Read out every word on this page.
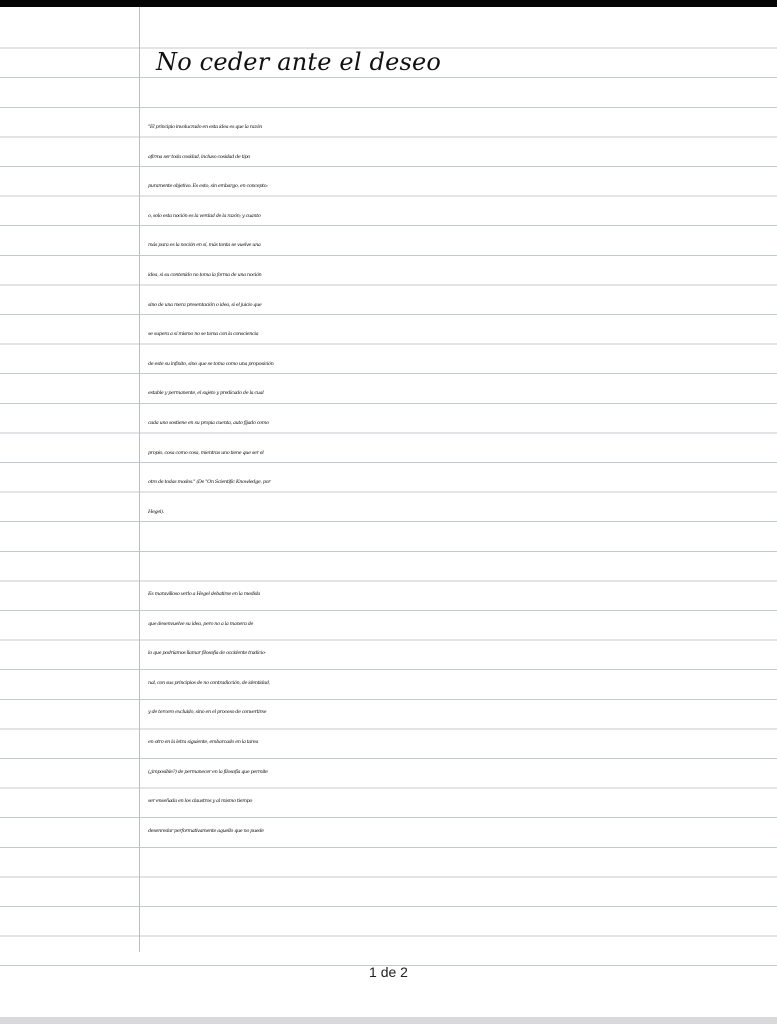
No ceder ante el deseo
"El principio involucrado en esta idea es que la razón
afirma ser toda cosidad, incluso cosidad de tipo
puramente objetivo. Es esto, sin embargo, en concepto:
o, solo esta noción es la verdad de la razón; y cuanto
más pura es la noción en sí, más tonta se vuelve una
idea, si su contenido no toma la forma de una noción
sino de una mera presentación o idea, si el juicio que
se supera a sí mismo no se toma con la consciencia
de este su infinito, sino que se toma como una proposición
estable y permanente, el sujeto y predicado de la cual
cada uno sostiene en su propia cuenta, auto fijado como
propio, cosa como cosa, mientras uno tiene que ser el
otro de todas modos." (De "On Scientific Knowledge, por
Hegel).
Es maravilloso verlo a Hegel debatirse en la medida
que desenvuelve su idea, pero no a la manera de
lo que podríamos llamar filosofía de occidente tradicio-
nal, con sus principios de no contradicción, de identidad,
y de tercero excluido, sino en el proceso de convertirse
en otro en la letra siguiente, embarcado en la tarea
(¿imposible?) de permanecer en la filosofía que permite
ser enseñada en los claustros y al mismo tiempo
desenredar performativamente aquello que no puede
1 de 2
